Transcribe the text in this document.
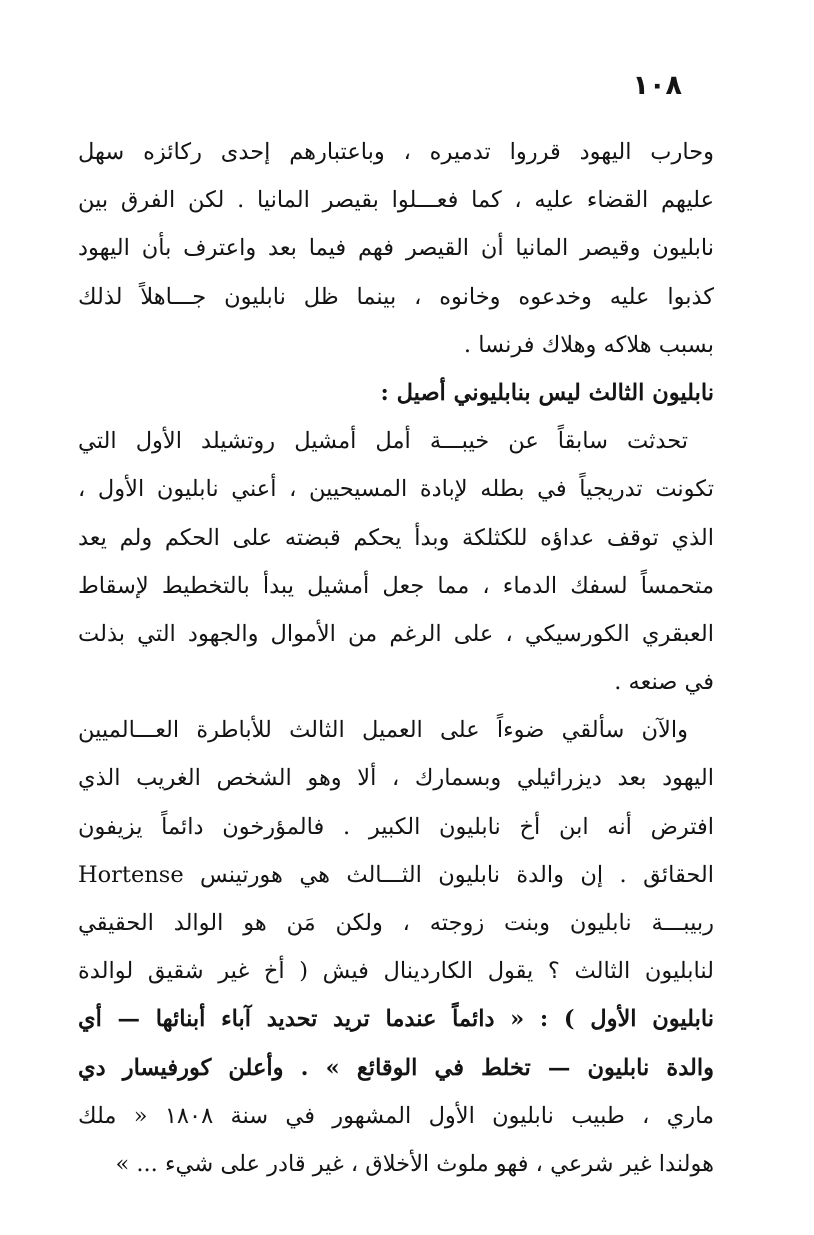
١٠٨
وحارب اليهود قرروا تدميره ، وباعتبارهم إحدى ركائزه سهل
عليهم القضاء عليه ، كما فعـــلوا بقيصر المانيا . لكن الفرق بين
نابليون وقيصر المانيا أن القيصر فهم فيما بعد واعترف بأن اليهود
كذبوا عليه وخدعوه وخانوه ، بينما ظل نابليون جـــاهلاً لذلك
بسبب هلاكه وهلاك فرنسا .
نابليون الثالث ليس بنابليوني أصيل :
تحدثت سابقاً عن خيبـــة أمل أمشيل روتشيلد الأول التي
تكونت تدريجياً في بطله لإبادة المسيحيين ، أعني نابليون الأول ،
الذي توقف عداؤه للكثلكة وبدأ يحكم قبضته على الحكم ولم يعد
متحمساً لسفك الدماء ، مما جعل أمشيل يبدأ بالتخطيط لإسقاط
العبقري الكورسيكي ، على الرغم من الأموال والجهود التي بذلت
في صنعه .
والآن سألقي ضوءاً على العميل الثالث للأباطرة العـــالميين
اليهود بعد ديزرائيلي وبسمارك ، ألا وهو الشخص الغريب الذي
افترض أنه ابن أخ نابليون الكبير . فالمؤرخون دائماً يزيفون
الحقائق . إن والدة نابليون الثـــالث هي هورتينس Hortense
ربيبـــة نابليون وبنت زوجته ، ولكن مَن هو الوالد الحقيقي
لنابليون الثالث ؟ يقول الكاردينال فيش ( أخ غير شقيق لوالدة
نابليون الأول ) : « دائماً عندما تريد تحديد آباء أبنائها — أي
والدة نابليون — تخلط في الوقائع » . وأعلن كورفيسار دي
ماري ، طبيب نابليون الأول المشهور في سنة ١٨٠٨ « ملك
هولندا غير شرعي ، فهو ملوث الأخلاق ، غير قادر على شيء ... »
